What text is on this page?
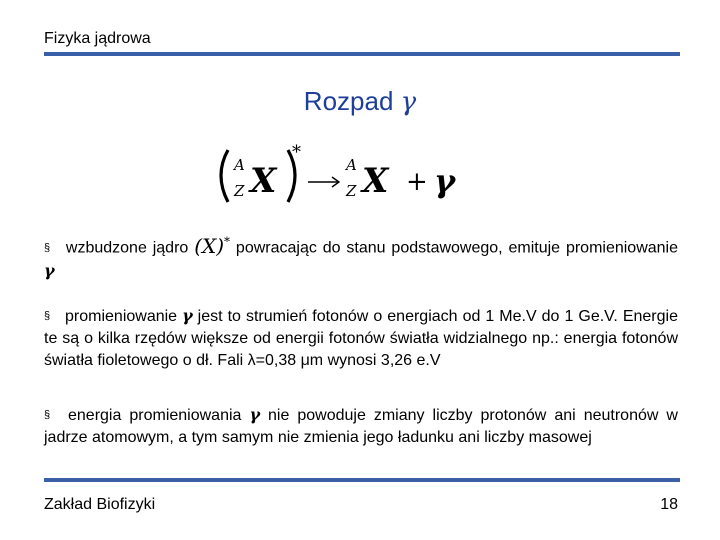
Fizyka jądrowa
Rozpad γ
A
Z X
*
A
Z X + γ
§ wzbudzone jądro (X)* powracając do stanu podstawowego, emituje promieniowanie γ
§ promieniowanie γ jest to strumień fotonów o energiach od 1 Me.V do 1 Ge.V. Energie te są o kilka rzędów większe od energii fotonów światła widzialnego np.: energia fotonów światła fioletowego o dł. Fali λ=0,38 μm wynosi 3,26 e.V
§ energia promieniowania γ nie powoduje zmiany liczby protonów ani neutronów w jadrze atomowym, a tym samym nie zmienia jego ładunku ani liczby masowej
Zakład Biofizyki	18
